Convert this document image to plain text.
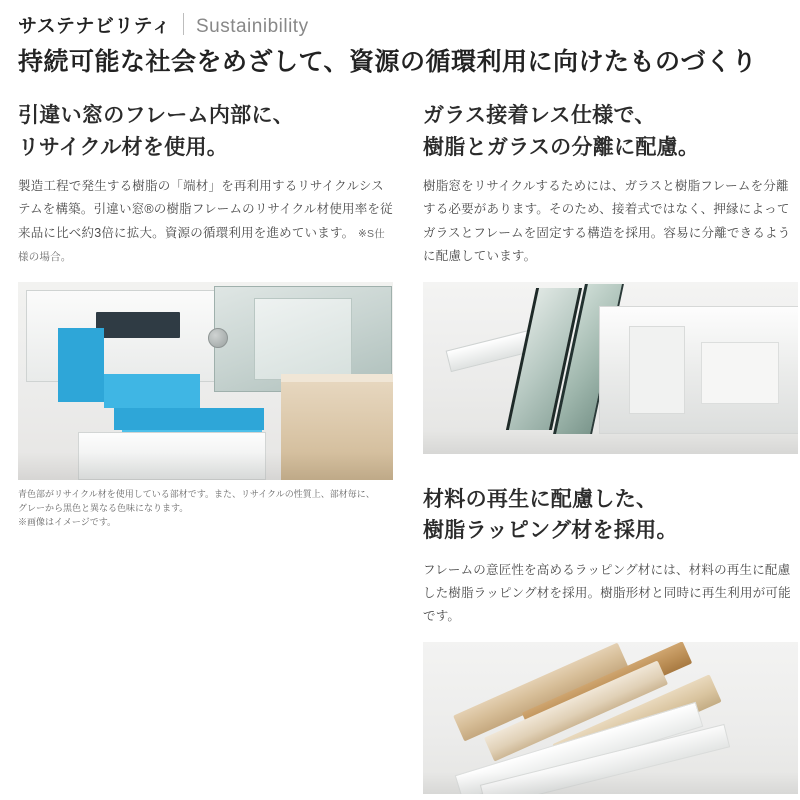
サステナビリティ Sustainibility
持続可能な社会をめざして、資源の循環利用に向けたものづくり
引違い窓のフレーム内部に、
リサイクル材を使用。

製造工程で発生する樹脂の「端材」を再利用するリサイクルシステムを構築。引違い窓®の樹脂フレームのリサイクル材使用率を従来品に比べ約3倍に拡大。資源の循環利用を進めています。 ※S仕様の場合。

青色部がリサイクル材を使用している部材です。また、リサイクルの性質上、部材毎に、
グレーから黒色と異なる色味になります。
※画像はイメージです。
ガラス接着レス仕様で、
樹脂とガラスの分離に配慮。

樹脂窓をリサイクルするためには、ガラスと樹脂フレームを分離する必要があります。そのため、接着式ではなく、押縁によってガラスとフレームを固定する構造を採用。容易に分離できるように配慮しています。

材料の再生に配慮した、
樹脂ラッピング材を採用。

フレームの意匠性を高めるラッピング材には、材料の再生に配慮した樹脂ラッピング材を採用。樹脂形材と同時に再生利用が可能です。
